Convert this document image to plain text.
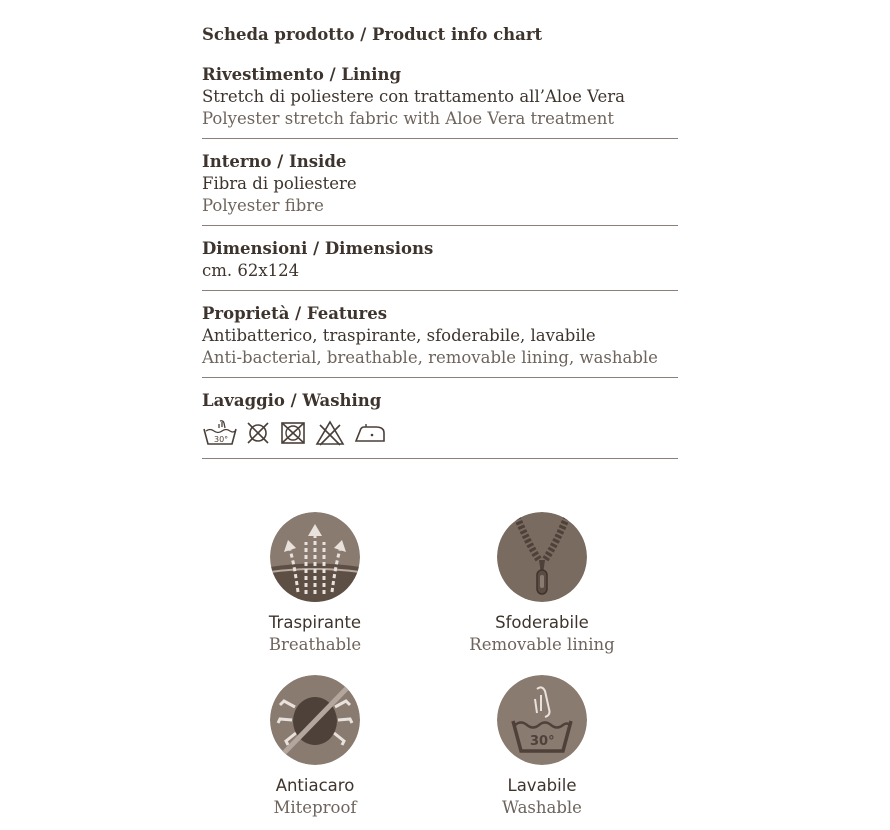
Scheda prodotto / Product info chart
Rivestimento / Lining
Stretch di poliestere con trattamento all’Aloe Vera
Polyester stretch fabric with Aloe Vera treatment
Interno / Inside
Fibra di poliestere
Polyester fibre
Dimensioni / Dimensions
cm. 62x124
Proprietà / Features
Antibatterico, traspirante, sfoderabile, lavabile
Anti-bacterial, breathable, removable lining, washable
Lavaggio / Washing
30°
Traspirante
Breathable
Sfoderabile
Removable lining
Antiacaro
Miteproof
30°
Lavabile
Washable
